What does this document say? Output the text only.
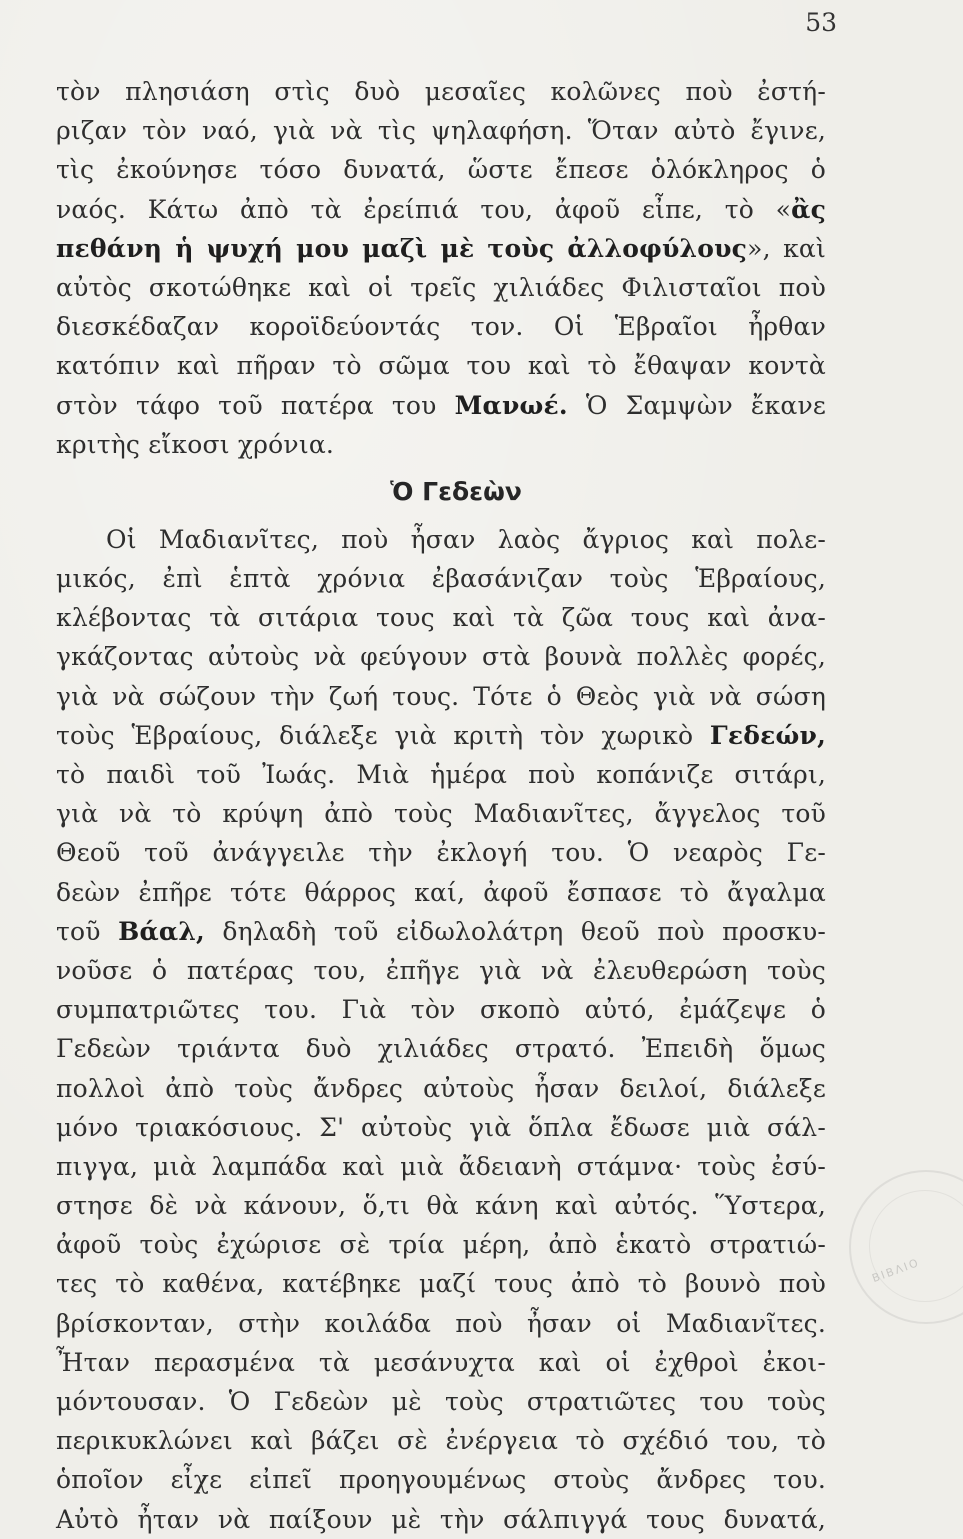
53
τὸν πλησιάση στὶς δυὸ μεσαῖες κολῶνες ποὺ ἐστή-
ριζαν τὸν ναό, γιὰ νὰ τὶς ψηλαφήση. Ὅταν αὐτὸ ἔγινε,
τὶς ἐκούνησε τόσο δυνατά, ὥστε ἔπεσε ὁλόκληρος ὁ
ναός. Κάτω ἀπὸ τὰ ἐρείπιά του, ἀφοῦ εἶπε, τὸ «ἂς
πεθάνη ἡ ψυχή μου μαζὶ μὲ τοὺς ἀλλοφύλους», καὶ
αὐτὸς σκοτώθηκε καὶ οἱ τρεῖς χιλιάδες Φιλισταῖοι ποὺ
διεσκέδαζαν κοροϊδεύοντάς τον. Οἱ Ἑβραῖοι ἦρθαν
κατόπιν καὶ πῆραν τὸ σῶμα του καὶ τὸ ἔθαψαν κοντὰ
στὸν τάφο τοῦ πατέρα του Μανωέ. Ὁ Σαμψὼν ἔκανε
κριτὴς εἴκοσι χρόνια.
Ὁ Γεδεὼν
Οἱ Μαδιανῖτες, ποὺ ἦσαν λαὸς ἄγριος καὶ πολε-
μικός, ἐπὶ ἑπτὰ χρόνια ἐβασάνιζαν τοὺς Ἑβραίους,
κλέβοντας τὰ σιτάρια τους καὶ τὰ ζῶα τους καὶ ἀνα-
γκάζοντας αὐτοὺς νὰ φεύγουν στὰ βουνὰ πολλὲς φορές,
γιὰ νὰ σώζουν τὴν ζωή τους. Τότε ὁ Θεὸς γιὰ νὰ σώση
τοὺς Ἑβραίους, διάλεξε γιὰ κριτὴ τὸν χωρικὸ Γεδεών,
τὸ παιδὶ τοῦ Ἰωάς. Μιὰ ἡμέρα ποὺ κοπάνιζε σιτάρι,
γιὰ νὰ τὸ κρύψη ἀπὸ τοὺς Μαδιανῖτες, ἄγγελος τοῦ
Θεοῦ τοῦ ἀνάγγειλε τὴν ἐκλογή του. Ὁ νεαρὸς Γε-
δεὼν ἐπῆρε τότε θάρρος καί, ἀφοῦ ἔσπασε τὸ ἄγαλμα
τοῦ Βάαλ, δηλαδὴ τοῦ εἰδωλολάτρη θεοῦ ποὺ προσκυ-
νοῦσε ὁ πατέρας του, ἐπῆγε γιὰ νὰ ἐλευθερώση τοὺς
συμπατριῶτες του. Γιὰ τὸν σκοπὸ αὐτό, ἐμάζεψε ὁ
Γεδεὼν τριάντα δυὸ χιλιάδες στρατό. Ἐπειδὴ ὅμως
πολλοὶ ἀπὸ τοὺς ἄνδρες αὐτοὺς ἦσαν δειλοί, διάλεξε
μόνο τριακόσιους. Σ' αὐτοὺς γιὰ ὅπλα ἔδωσε μιὰ σάλ-
πιγγα, μιὰ λαμπάδα καὶ μιὰ ἄδειανὴ στάμνα· τοὺς ἐσύ-
στησε δὲ νὰ κάνουν, ὅ,τι θὰ κάνη καὶ αὐτός. Ὕστερα,
ἀφοῦ τοὺς ἐχώρισε σὲ τρία μέρη, ἀπὸ ἑκατὸ στρατιώ-
τες τὸ καθένα, κατέβηκε μαζί τους ἀπὸ τὸ βουνὸ ποὺ
βρίσκονταν, στὴν κοιλάδα ποὺ ἦσαν οἱ Μαδιανῖτες.
Ἦταν περασμένα τὰ μεσάνυχτα καὶ οἱ ἐχθροὶ ἐκοι-
μόντουσαν. Ὁ Γεδεὼν μὲ τοὺς στρατιῶτες του τοὺς
περικυκλώνει καὶ βάζει σὲ ἐνέργεια τὸ σχέδιό του, τὸ
ὁποῖον εἶχε εἰπεῖ προηγουμένως στοὺς ἄνδρες του.
Αὐτὸ ἦταν νὰ παίξουν μὲ τὴν σάλπιγγά τους δυνατά,
ΒΙΒΛΙΟ
